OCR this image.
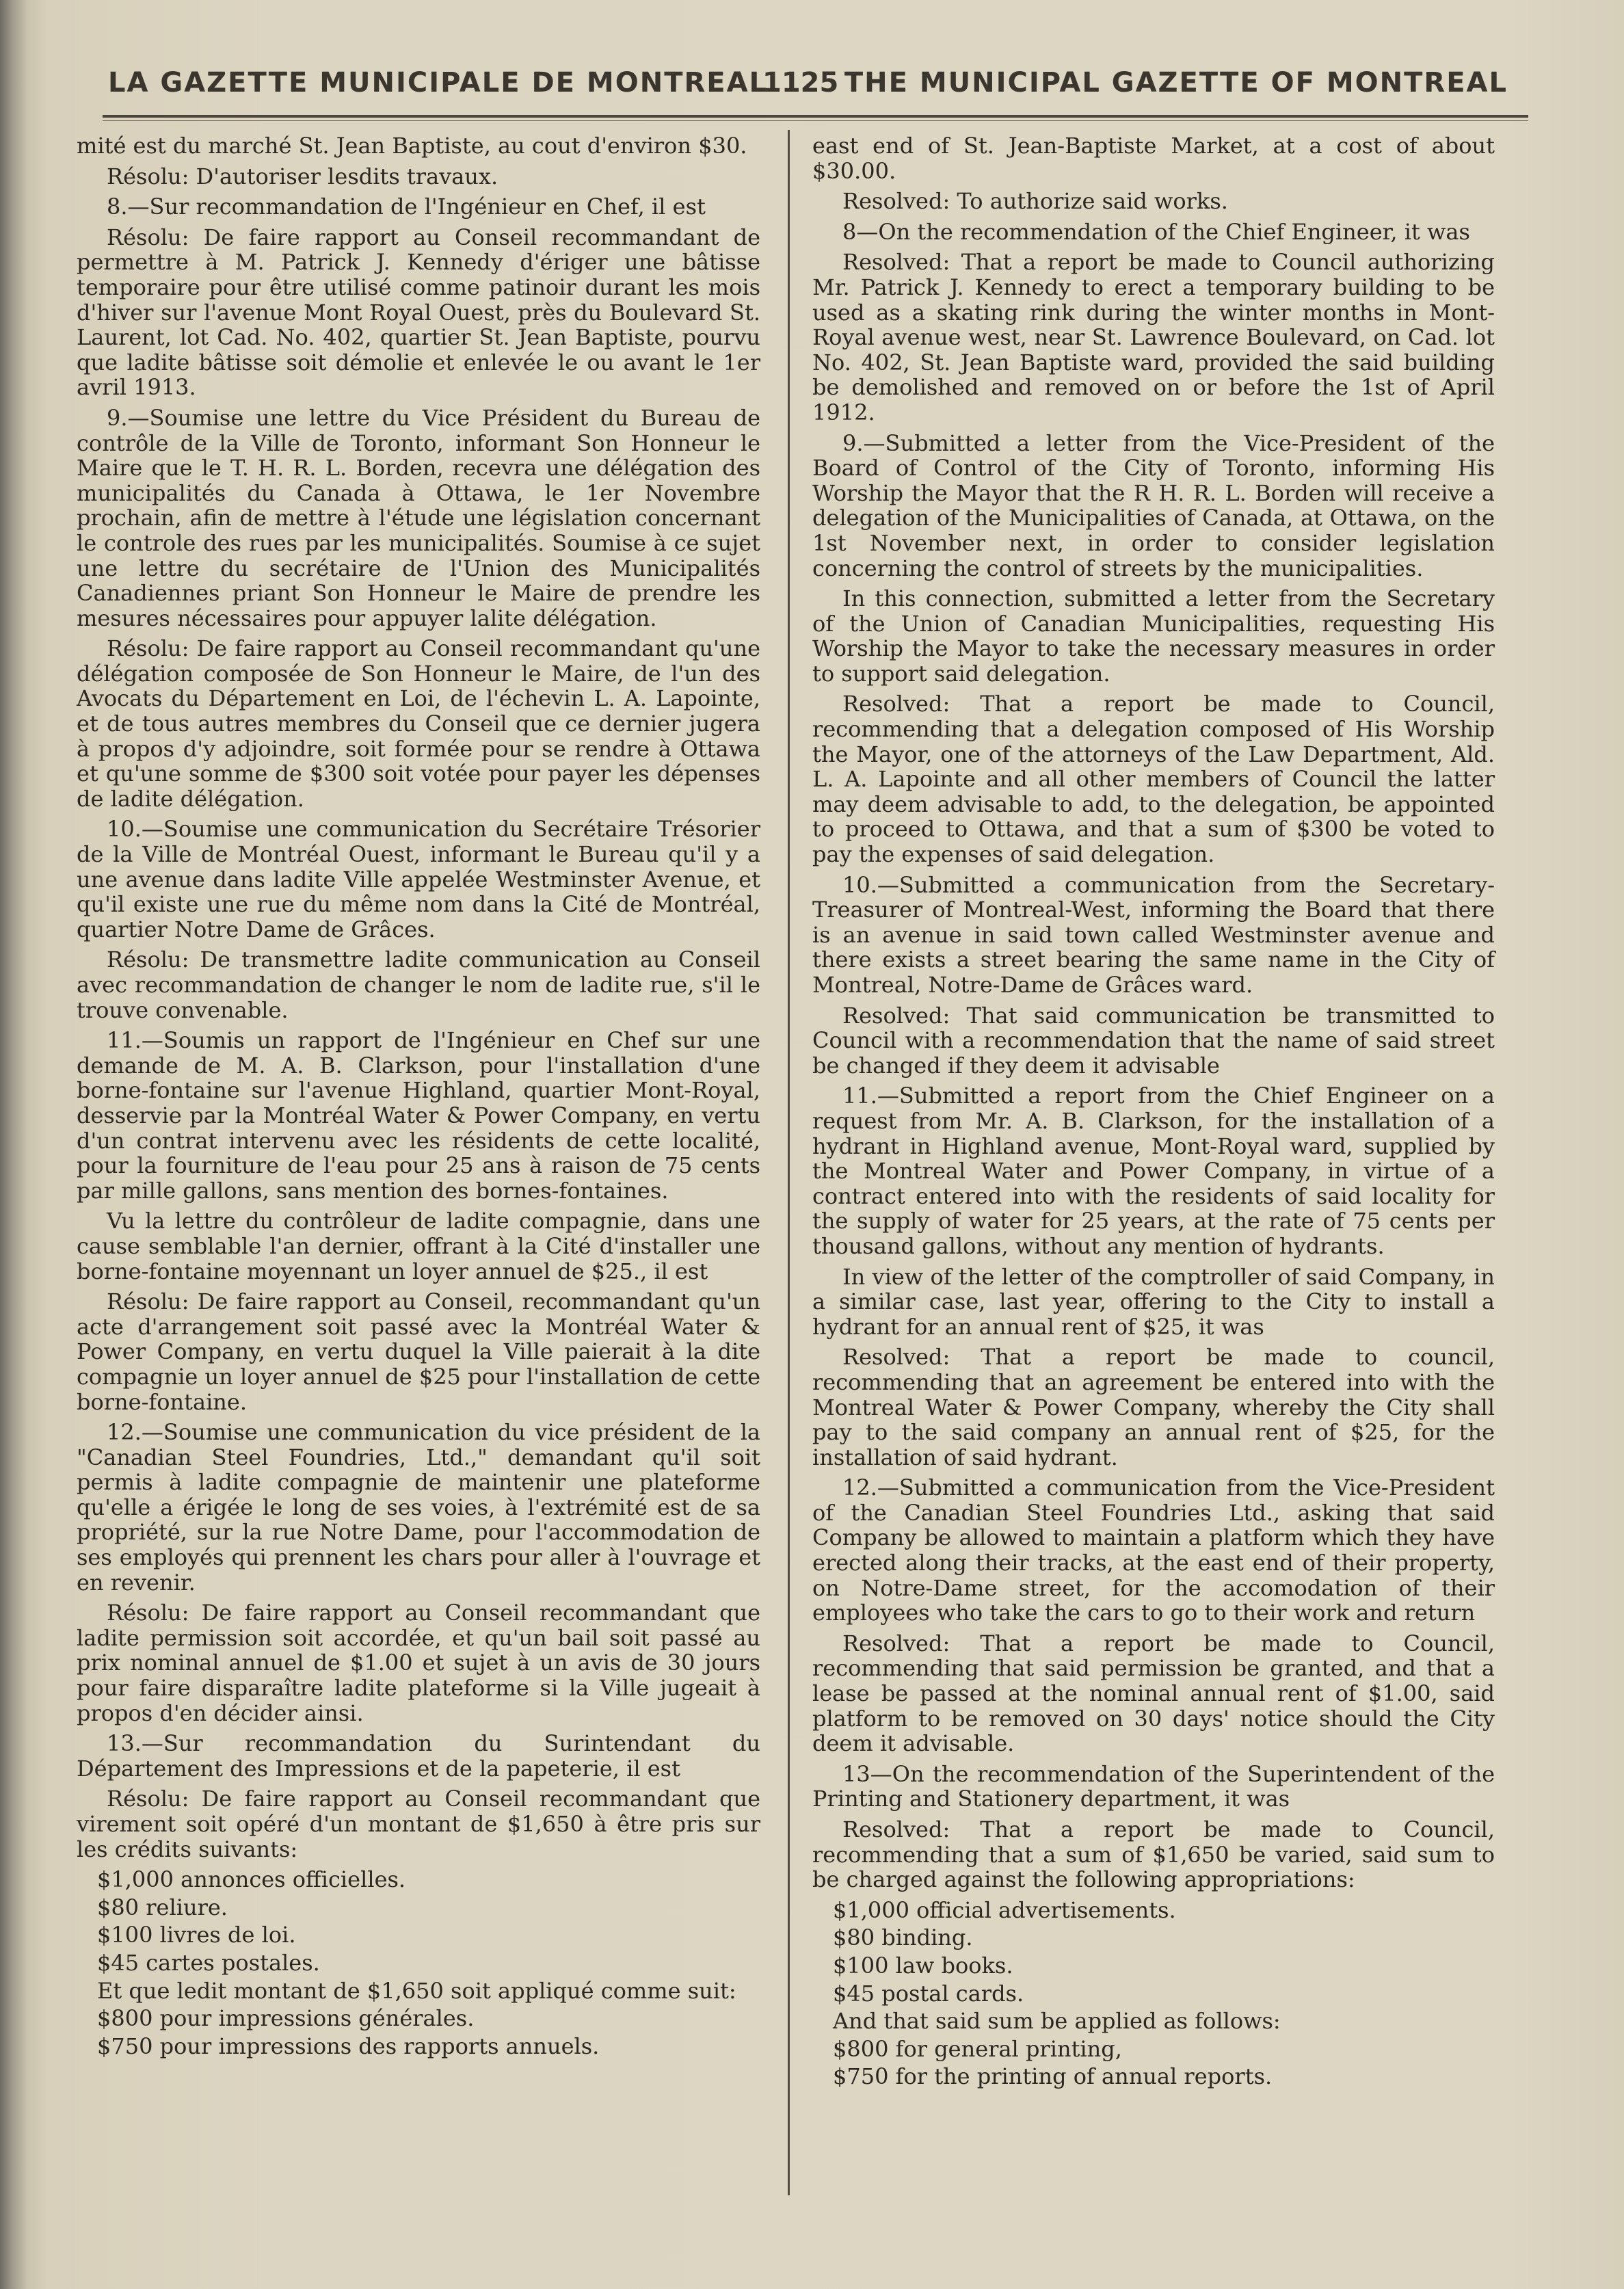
LA GAZETTE MUNICIPALE DE MONTREAL
1125 THE MUNICIPAL GAZETTE OF MONTREAL

mité est du marché St. Jean Baptiste, au cout d'environ $30.

Résolu: D'autoriser lesdits travaux.

8.—Sur recommandation de l'Ingénieur en Chef, il est

Résolu: De faire rapport au Conseil recommandant de permettre à M. Patrick J. Kennedy d'ériger une bâtisse temporaire pour être utilisé comme patinoir durant les mois d'hiver sur l'avenue Mont Royal Ouest, près du Boulevard St. Laurent, lot Cad. No. 402, quartier St. Jean Baptiste, pourvu que ladite bâtisse soit démolie et enlevée le ou avant le 1er avril 1913.

9.—Soumise une lettre du Vice Président du Bureau de contrôle de la Ville de Toronto, informant Son Honneur le Maire que le T. H. R. L. Borden, recevra une délégation des municipalités du Canada à Ottawa, le 1er Novembre prochain, afin de mettre à l'étude une législation concernant le controle des rues par les municipalités. Soumise à ce sujet une lettre du secrétaire de l'Union des Municipalités Canadiennes priant Son Honneur le Maire de prendre les mesures nécessaires pour appuyer lalite délégation.

Résolu: De faire rapport au Conseil recommandant qu'une délégation composée de Son Honneur le Maire, de l'un des Avocats du Département en Loi, de l'échevin L. A. Lapointe, et de tous autres membres du Conseil que ce dernier jugera à propos d'y adjoindre, soit formée pour se rendre à Ottawa et qu'une somme de $300 soit votée pour payer les dépenses de ladite délégation.

10.—Soumise une communication du Secrétaire Trésorier de la Ville de Montréal Ouest, informant le Bureau qu'il y a une avenue dans ladite Ville appelée Westminster Avenue, et qu'il existe une rue du même nom dans la Cité de Montréal, quartier Notre Dame de Grâces.

Résolu: De transmettre ladite communication au Conseil avec recommandation de changer le nom de ladite rue, s'il le trouve convenable.

11.—Soumis un rapport de l'Ingénieur en Chef sur une demande de M. A. B. Clarkson, pour l'installation d'une borne-fontaine sur l'avenue Highland, quartier Mont-Royal, desservie par la Montréal Water & Power Company, en vertu d'un contrat intervenu avec les résidents de cette localité, pour la fourniture de l'eau pour 25 ans à raison de 75 cents par mille gallons, sans mention des bornes-fontaines.

Vu la lettre du contrôleur de ladite compagnie, dans une cause semblable l'an dernier, offrant à la Cité d'installer une borne-fontaine moyennant un loyer annuel de $25., il est

Résolu: De faire rapport au Conseil, recommandant qu'un acte d'arrangement soit passé avec la Montréal Water & Power Company, en vertu duquel la Ville paierait à la dite compagnie un loyer annuel de $25 pour l'installation de cette borne-fontaine.

12.—Soumise une communication du vice président de la "Canadian Steel Foundries, Ltd.," demandant qu'il soit permis à ladite compagnie de maintenir une plateforme qu'elle a érigée le long de ses voies, à l'extrémité est de sa propriété, sur la rue Notre Dame, pour l'accommodation de ses employés qui prennent les chars pour aller à l'ouvrage et en revenir.

Résolu: De faire rapport au Conseil recommandant que ladite permission soit accordée, et qu'un bail soit passé au prix nominal annuel de $1.00 et sujet à un avis de 30 jours pour faire disparaître ladite plateforme si la Ville jugeait à propos d'en décider ainsi.

13.—Sur recommandation du Surintendant du Département des Impressions et de la papeterie, il est

Résolu: De faire rapport au Conseil recommandant que virement soit opéré d'un montant de $1,650 à être pris sur les crédits suivants:

$1,000 annonces officielles.

$80 reliure.

$100 livres de loi.

$45 cartes postales.

Et que ledit montant de $1,650 soit appliqué comme suit:

$800 pour impressions générales.

$750 pour impressions des rapports annuels.

east end of St. Jean-Baptiste Market, at a cost of about $30.00.

Resolved: To authorize said works.

8—On the recommendation of the Chief Engineer, it was

Resolved: That a report be made to Council authorizing Mr. Patrick J. Kennedy to erect a temporary building to be used as a skating rink during the winter months in Mont-Royal avenue west, near St. Lawrence Boulevard, on Cad. lot No. 402, St. Jean Baptiste ward, provided the said building be demolished and removed on or before the 1st of April 1912.

9.—Submitted a letter from the Vice-President of the Board of Control of the City of Toronto, informing His Worship the Mayor that the R H. R. L. Borden will receive a delegation of the Municipalities of Canada, at Ottawa, on the 1st November next, in order to consider legislation concerning the control of streets by the municipalities.

In this connection, submitted a letter from the Secretary of the Union of Canadian Municipalities, requesting His Worship the Mayor to take the necessary measures in order to support said delegation.

Resolved: That a report be made to Council, recommending that a delegation composed of His Worship the Mayor, one of the attorneys of the Law Department, Ald. L. A. Lapointe and all other members of Council the latter may deem advisable to add, to the delegation, be appointed to proceed to Ottawa, and that a sum of $300 be voted to pay the expenses of said delegation.

10.—Submitted a communication from the Secretary-Treasurer of Montreal-West, informing the Board that there is an avenue in said town called Westminster avenue and there exists a street bearing the same name in the City of Montreal, Notre-Dame de Grâces ward.

Resolved: That said communication be transmitted to Council with a recommendation that the name of said street be changed if they deem it advisable

11.—Submitted a report from the Chief Engineer on a request from Mr. A. B. Clarkson, for the installation of a hydrant in Highland avenue, Mont-Royal ward, supplied by the Montreal Water and Power Company, in virtue of a contract entered into with the residents of said locality for the supply of water for 25 years, at the rate of 75 cents per thousand gallons, without any mention of hydrants.

In view of the letter of the comptroller of said Company, in a similar case, last year, offering to the City to install a hydrant for an annual rent of $25, it was

Resolved: That a report be made to council, recommending that an agreement be entered into with the Montreal Water & Power Company, whereby the City shall pay to the said company an annual rent of $25, for the installation of said hydrant.

12.—Submitted a communication from the Vice-President of the Canadian Steel Foundries Ltd., asking that said Company be allowed to maintain a platform which they have erected along their tracks, at the east end of their property, on Notre-Dame street, for the accomodation of their employees who take the cars to go to their work and return

Resolved: That a report be made to Council, recommending that said permission be granted, and that a lease be passed at the nominal annual rent of $1.00, said platform to be removed on 30 days' notice should the City deem it advisable.

13—On the recommendation of the Superintendent of the Printing and Stationery department, it was

Resolved: That a report be made to Council, recommending that a sum of $1,650 be varied, said sum to be charged against the following appropriations:

$1,000 official advertisements.

$80 binding.

$100 law books.

$45 postal cards.

And that said sum be applied as follows:

$800 for general printing,

$750 for the printing of annual reports.
